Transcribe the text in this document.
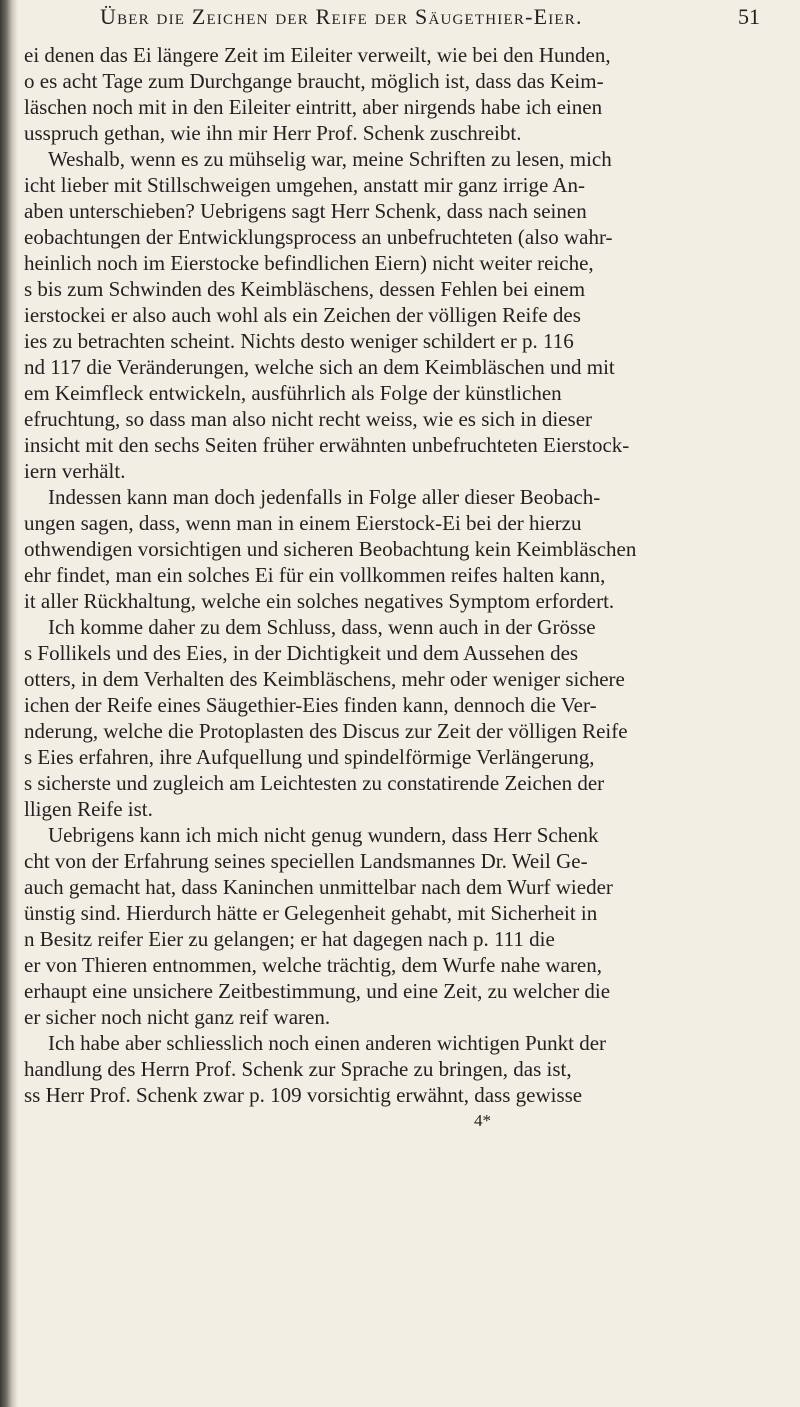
Über die Zeichen der Reife der Säugethier-Eier.	51
ei denen das Ei längere Zeit im Eileiter verweilt, wie bei den Hunden,
o es acht Tage zum Durchgange braucht, möglich ist, dass das Keim-
läschen noch mit in den Eileiter eintritt, aber nirgends habe ich einen
usspruch gethan, wie ihn mir Herr Prof. Schenk zuschreibt.
Weshalb, wenn es zu mühselig war, meine Schriften zu lesen, mich
icht lieber mit Stillschweigen umgehen, anstatt mir ganz irrige An-
aben unterschieben? Uebrigens sagt Herr Schenk, dass nach seinen
eobachtungen der Entwicklungsprocess an unbefruchteten (also wahr-
heinlich noch im Eierstocke befindlichen Eiern) nicht weiter reiche,
s bis zum Schwinden des Keimbläschens, dessen Fehlen bei einem
ierstockei er also auch wohl als ein Zeichen der völligen Reife des
ies zu betrachten scheint. Nichts desto weniger schildert er p. 116
nd 117 die Veränderungen, welche sich an dem Keimbläschen und mit
em Keimfleck entwickeln, ausführlich als Folge der künstlichen
efruchtung, so dass man also nicht recht weiss, wie es sich in dieser
insicht mit den sechs Seiten früher erwähnten unbefruchteten Eierstock-
iern verhält.
Indessen kann man doch jedenfalls in Folge aller dieser Beobach-
ungen sagen, dass, wenn man in einem Eierstock-Ei bei der hierzu
othwendigen vorsichtigen und sicheren Beobachtung kein Keimbläschen
ehr findet, man ein solches Ei für ein vollkommen reifes halten kann,
it aller Rückhaltung, welche ein solches negatives Symptom erfordert.
Ich komme daher zu dem Schluss, dass, wenn auch in der Grösse
s Follikels und des Eies, in der Dichtigkeit und dem Aussehen des
otters, in dem Verhalten des Keimbläschens, mehr oder weniger sichere
ichen der Reife eines Säugethier-Eies finden kann, dennoch die Ver-
nderung, welche die Protoplasten des Discus zur Zeit der völligen Reife
s Eies erfahren, ihre Aufquellung und spindelförmige Verlängerung,
s sicherste und zugleich am Leichtesten zu constatirende Zeichen der
lligen Reife ist.
Uebrigens kann ich mich nicht genug wundern, dass Herr Schenk
cht von der Erfahrung seines speciellen Landsmannes Dr. Weil Ge-
auch gemacht hat, dass Kaninchen unmittelbar nach dem Wurf wieder
ünstig sind. Hierdurch hätte er Gelegenheit gehabt, mit Sicherheit in
n Besitz reifer Eier zu gelangen; er hat dagegen nach p. 111 die
er von Thieren entnommen, welche trächtig, dem Wurfe nahe waren,
erhaupt eine unsichere Zeitbestimmung, und eine Zeit, zu welcher die
er sicher noch nicht ganz reif waren.
Ich habe aber schliesslich noch einen anderen wichtigen Punkt der
handlung des Herrn Prof. Schenk zur Sprache zu bringen, das ist,
ss Herr Prof. Schenk zwar p. 109 vorsichtig erwähnt, dass gewisse
4*
